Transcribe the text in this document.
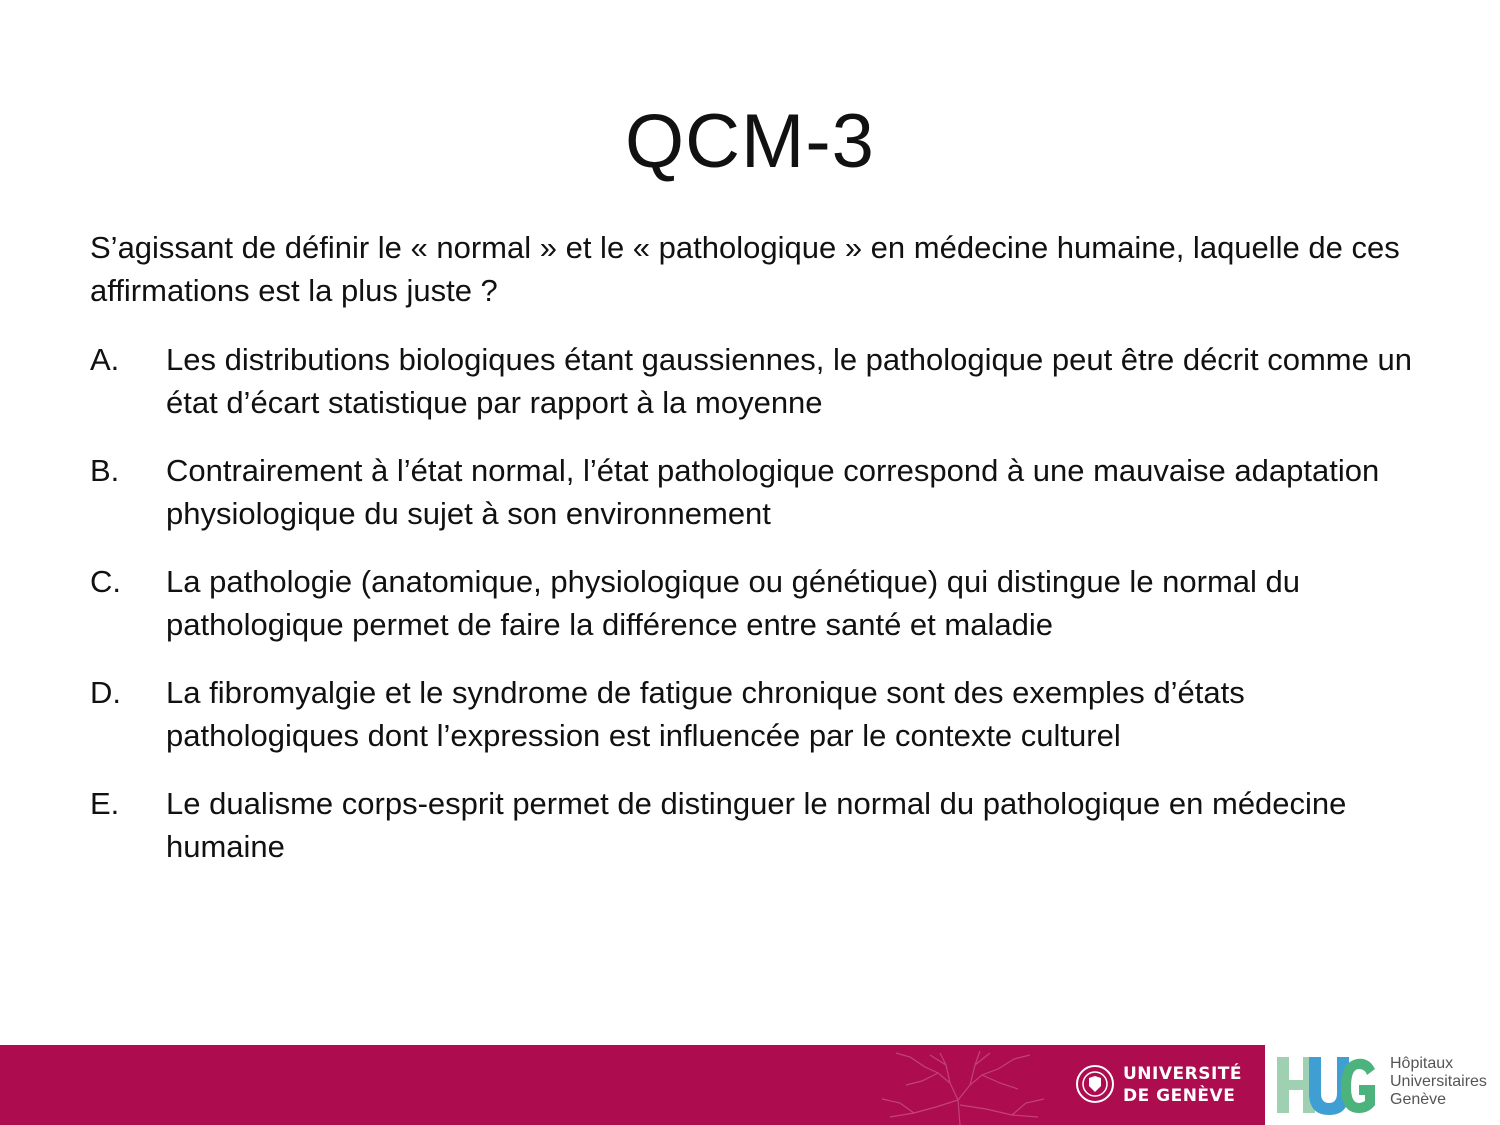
QCM-3
S’agissant de définir le « normal » et le « pathologique » en médecine humaine, laquelle de ces affirmations est la plus juste ?
A.	Les distributions biologiques étant gaussiennes, le pathologique peut être décrit comme un état d’écart statistique par rapport à la moyenne
B.	Contrairement à l’état normal, l’état pathologique correspond à une mauvaise adaptation physiologique du sujet à son environnement
C.	La pathologie (anatomique, physiologique ou génétique) qui distingue le normal du pathologique permet de faire la différence entre santé et maladie
D.	La fibromyalgie et le syndrome de fatigue chronique sont des exemples d’états pathologiques dont l’expression est influencée par le contexte culturel
E.	Le dualisme corps-esprit permet de distinguer le normal du pathologique en médecine humaine
UNIVERSITÉ
DE GENÈVE
Hôpitaux
Universitaires
Genève
